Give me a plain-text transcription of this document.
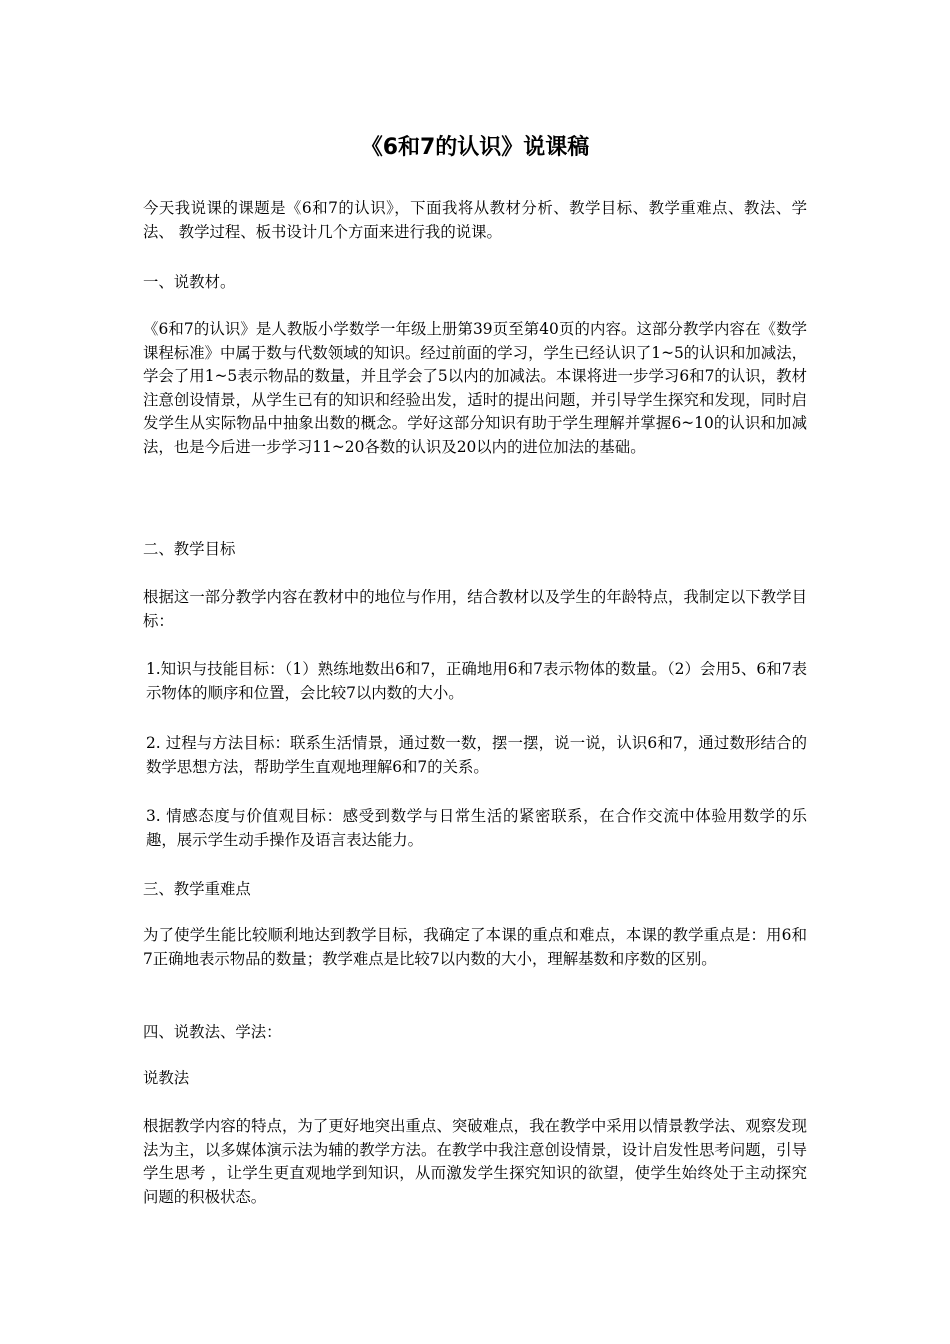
《6和7的认识》说课稿

今天我说课的课题是《6和7的认识》，下面我将从教材分析、教学目标、教学重难点、教法、学法、 教学过程、板书设计几个方面来进行我的说课。

一、说教材。

《6和7的认识》是人教版小学数学一年级上册第39页至第40页的内容。这部分教学内容在《数学课程标准》中属于数与代数领域的知识。经过前面的学习，学生已经认识了1~5的认识和加减法，学会了用1~5表示物品的数量，并且学会了5以内的加减法。本课将进一步学习6和7的认识，教材注意创设情景，从学生已有的知识和经验出发，适时的提出问题，并引导学生探究和发现，同时启发学生从实际物品中抽象出数的概念。学好这部分知识有助于学生理解并掌握6~10的认识和加减法，也是今后进一步学习11~20各数的认识及20以内的进位加法的基础。

二、教学目标

根据这一部分教学内容在教材中的地位与作用，结合教材以及学生的年龄特点，我制定以下教学目标：

1.知识与技能目标：（1）熟练地数出6和7，正确地用6和7表示物体的数量。（2）会用5、6和7表示物体的顺序和位置，会比较7以内数的大小。

2. 过程与方法目标：联系生活情景，通过数一数，摆一摆，说一说，认识6和7，通过数形结合的数学思想方法，帮助学生直观地理解6和7的关系。

3. 情感态度与价值观目标：感受到数学与日常生活的紧密联系，在合作交流中体验用数学的乐趣，展示学生动手操作及语言表达能力。

三、教学重难点

为了使学生能比较顺利地达到教学目标，我确定了本课的重点和难点，本课的教学重点是：用6和7正确地表示物品的数量；教学难点是比较7以内数的大小，理解基数和序数的区别。

四、说教法、学法：

说教法

根据教学内容的特点，为了更好地突出重点、突破难点，我在教学中采用以情景教学法、观察发现法为主，以多媒体演示法为辅的教学方法。在教学中我注意创设情景，设计启发性思考问题，引导学生思考 ，让学生更直观地学到知识，从而激发学生探究知识的欲望，使学生始终处于主动探究问题的积极状态。
